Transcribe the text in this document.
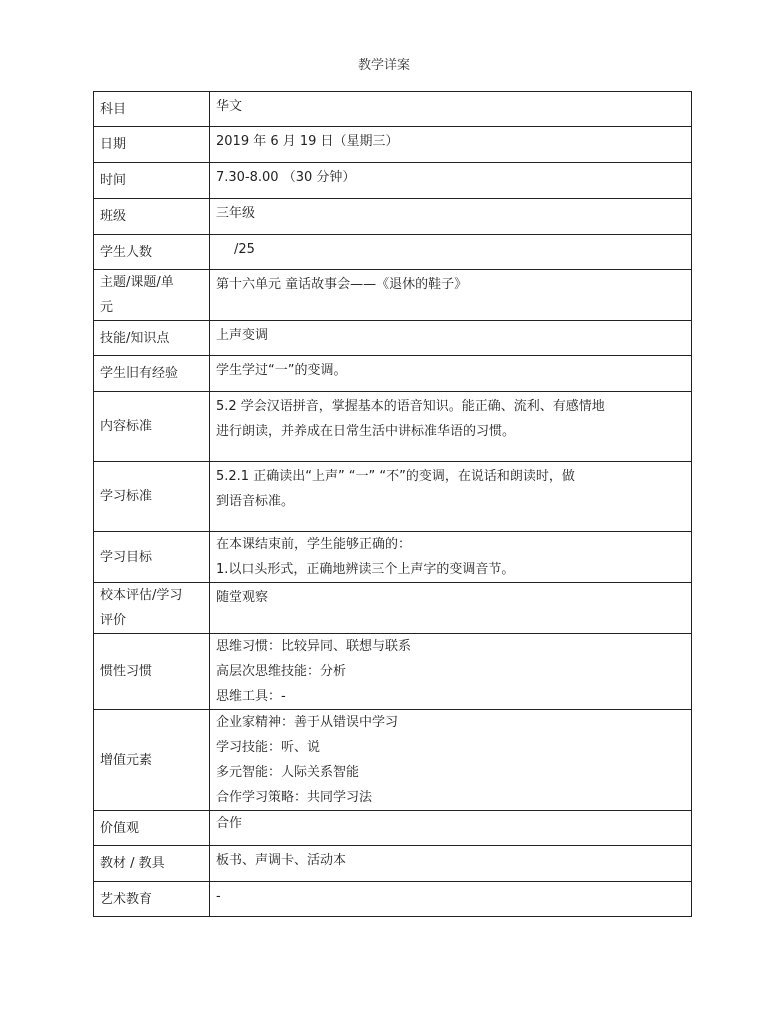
教学详案
科目	华文

日期	2019 年 6 月 19 日（星期三）

时间	7.30-8.00 （30 分钟）

班级	三年级

学生人数	/25

主题/课题/单
元	第十六单元 童话故事会——《退休的鞋子》

技能/知识点	上声变调

学生旧有经验	学生学过“一”的变调。

内容标准	5.2 学会汉语拼音，掌握基本的语音知识。能正确、流利、有感情地
进行朗读，并养成在日常生活中讲标准华语的习惯。

学习标准	5.2.1 正确读出“上声” “一” “不”的变调，在说话和朗读时，做
到语音标准。

学习目标	在本课结束前，学生能够正确的：
1.以口头形式，正确地辨读三个上声字的变调音节。

校本评估/学习
评价	随堂观察

惯性习惯	思维习惯：比较异同、联想与联系
高层次思维技能：分析
思维工具：-

增值元素	企业家精神：善于从错误中学习
学习技能：听、说
多元智能：人际关系智能
合作学习策略：共同学习法

价值观	合作

教材 / 教具	板书、声调卡、活动本

艺术教育	-
